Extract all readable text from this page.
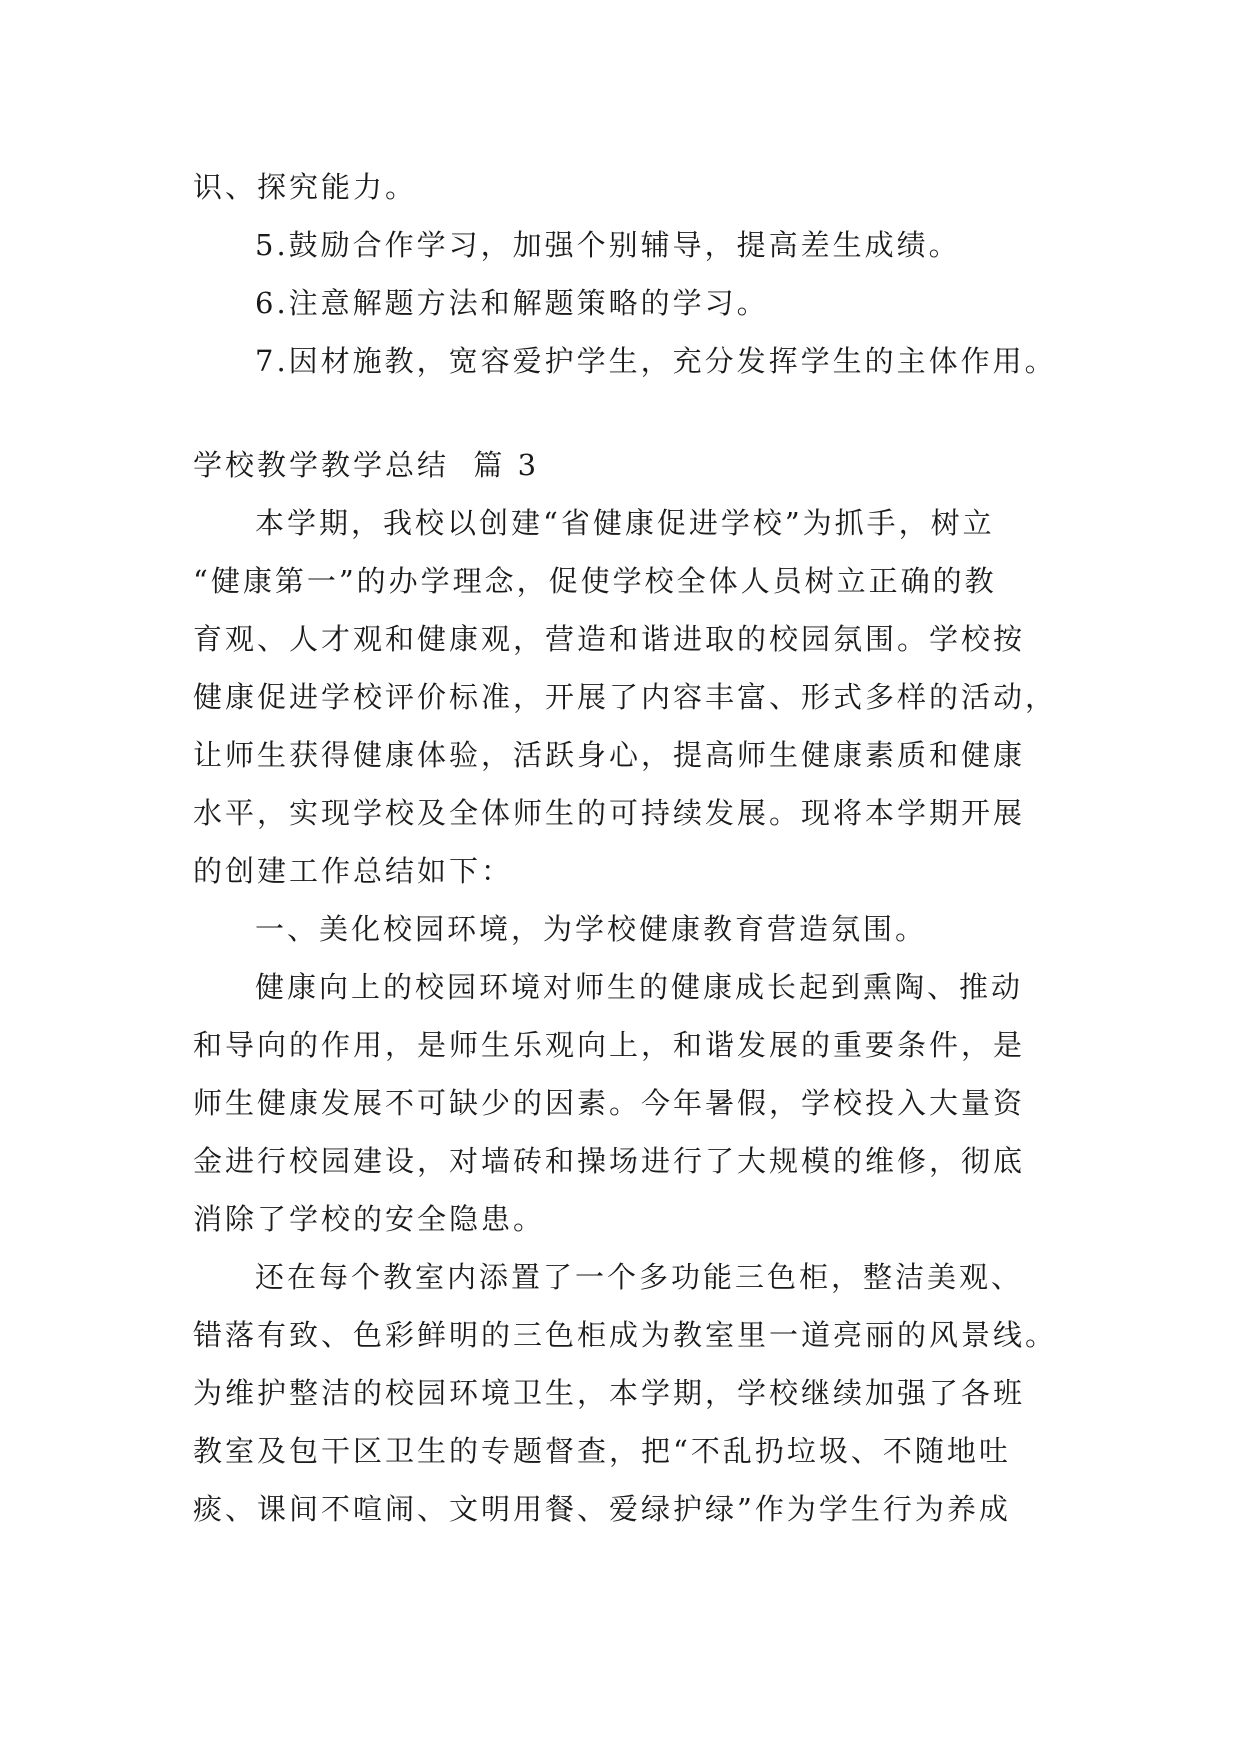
识、探究能力。
5.鼓励合作学习，加强个别辅导，提高差生成绩。
6.注意解题方法和解题策略的学习。
7.因材施教，宽容爱护学生，充分发挥学生的主体作用。
学校教学教学总结  篇 3
本学期，我校以创建“省健康促进学校”为抓手，树立
“健康第一”的办学理念，促使学校全体人员树立正确的教
育观、人才观和健康观，营造和谐进取的校园氛围。学校按
健康促进学校评价标准，开展了内容丰富、形式多样的活动，
让师生获得健康体验，活跃身心，提高师生健康素质和健康
水平，实现学校及全体师生的可持续发展。现将本学期开展
的创建工作总结如下：
一、美化校园环境，为学校健康教育营造氛围。
健康向上的校园环境对师生的健康成长起到熏陶、推动
和导向的作用，是师生乐观向上，和谐发展的重要条件，是
师生健康发展不可缺少的因素。今年暑假，学校投入大量资
金进行校园建设，对墙砖和操场进行了大规模的维修，彻底
消除了学校的安全隐患。
还在每个教室内添置了一个多功能三色柜，整洁美观、
错落有致、色彩鲜明的三色柜成为教室里一道亮丽的风景线。
为维护整洁的校园环境卫生，本学期，学校继续加强了各班
教室及包干区卫生的专题督查，把“不乱扔垃圾、不随地吐
痰、课间不喧闹、文明用餐、爱绿护绿”作为学生行为养成
